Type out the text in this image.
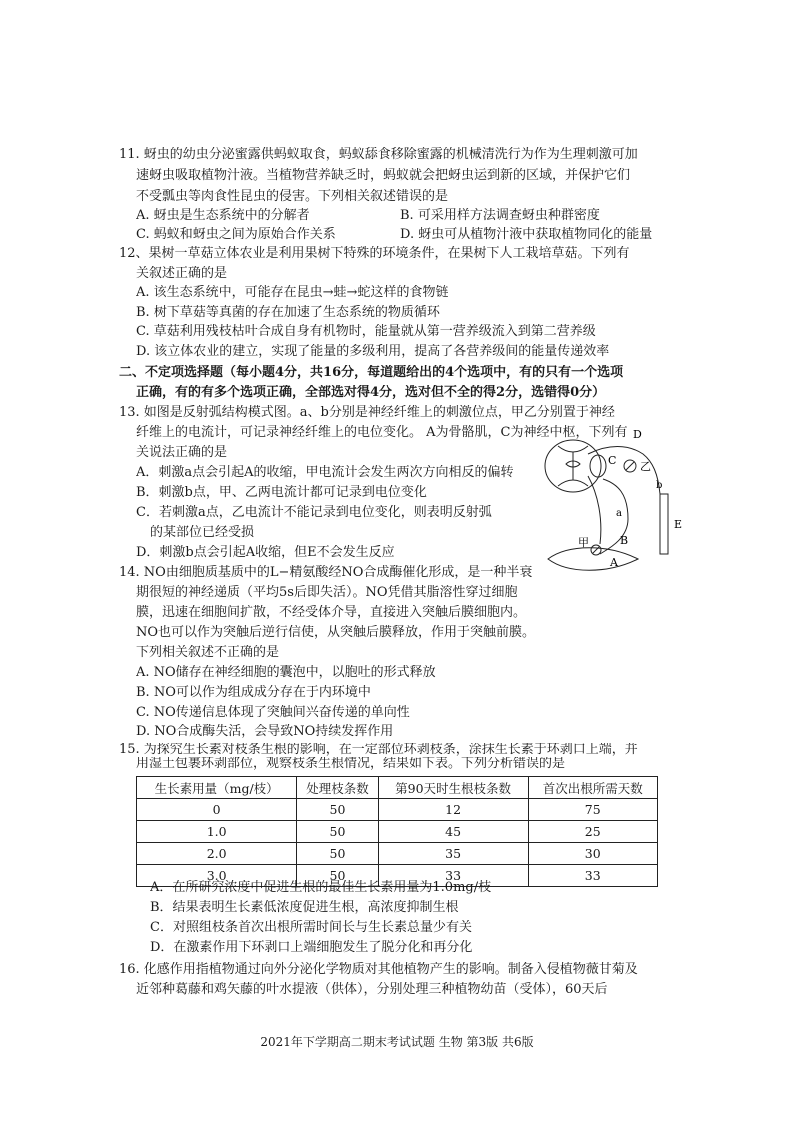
11. 蚜虫的幼虫分泌蜜露供蚂蚁取食，蚂蚁舔食移除蜜露的机械清洗行为作为生理刺激可加
速蚜虫吸取植物汁液。当植物营养缺乏时，蚂蚁就会把蚜虫运到新的区域，并保护它们
不受瓢虫等肉食性昆虫的侵害。下列相关叙述错误的是
A. 蚜虫是生态系统中的分解者	B. 可采用样方法调查蚜虫种群密度
C. 蚂蚁和蚜虫之间为原始合作关系	D. 蚜虫可从植物汁液中获取植物同化的能量
12、果树一草菇立体农业是利用果树下特殊的环境条件，在果树下人工栽培草菇。下列有
关叙述正确的是
A. 该生态系统中，可能存在昆虫→蛙→蛇这样的食物链
B. 树下草菇等真菌的存在加速了生态系统的物质循环
C. 草菇利用残枝枯叶合成自身有机物时，能量就从第一营养级流入到第二营养级
D. 该立体农业的建立，实现了能量的多级利用，提高了各营养级间的能量传递效率
二、不定项选择题（每小题4分，共16分，每道题给出的4个选项中，有的只有一个选项
正确，有的有多个选项正确，全部选对得4分，选对但不全的得2分，选错得0分）
13. 如图是反射弧结构模式图。a、b分别是神经纤维上的刺激位点，甲乙分别置于神经
纤维上的电流计，可记录神经纤维上的电位变化。 A为骨骼肌，C为神经中枢，下列有
关说法正确的是
A．刺激a点会引起A的收缩，甲电流计会发生两次方向相反的偏转
B．刺激b点，甲、乙两电流计都可记录到电位变化
C．若刺激a点，乙电流计不能记录到电位变化，则表明反射弧
的某部位已经受损
D．刺激b点会引起A收缩，但E不会发生反应
14. NO由细胞质基质中的L−精氨酸经NO合成酶催化形成，是一种半衰
期很短的神经递质（平均5s后即失活）。NO凭借其脂溶性穿过细胞
膜，迅速在细胞间扩散，不经受体介导，直接进入突触后膜细胞内。
NO也可以作为突触后逆行信使，从突触后膜释放，作用于突触前膜。
下列相关叙述不正确的是
A. NO储存在神经细胞的囊泡中，以胞吐的形式释放
B. NO可以作为组成成分存在于内环境中
C. NO传递信息体现了突触间兴奋传递的单向性
D
C 乙
b
a
E
甲	B
A
D. NO合成酶失活，会导致NO持续发挥作用
15. 为探究生长素对枝条生根的影响，在一定部位环剥枝条，涂抹生长素于环剥口上端，并
生长素用量（mg/枝）	处理枝条数	第90天时生根枝条数	首次出根所需天数
0	50	12	75
1.0	50	45	25
2.0	50	35	30
3.0	50	33	33
用湿土包裹环剥部位，观察枝条生根情况，结果如下表。下列分析错误的是
A．在所研究浓度中促进生根的最佳生长素用量为1.0mg/枝
B．结果表明生长素低浓度促进生根，高浓度抑制生根
C．对照组枝条首次出根所需时间长与生长素总量少有关
D．在激素作用下环剥口上端细胞发生了脱分化和再分化
16. 化感作用指植物通过向外分泌化学物质对其他植物产生的影响。制备入侵植物薇甘菊及
近邻种葛藤和鸡矢藤的叶水提液（供体），分别处理三种植物幼苗（受体），60天后
2021年下学期高二期末考试试题 生物 第3版 共6版
